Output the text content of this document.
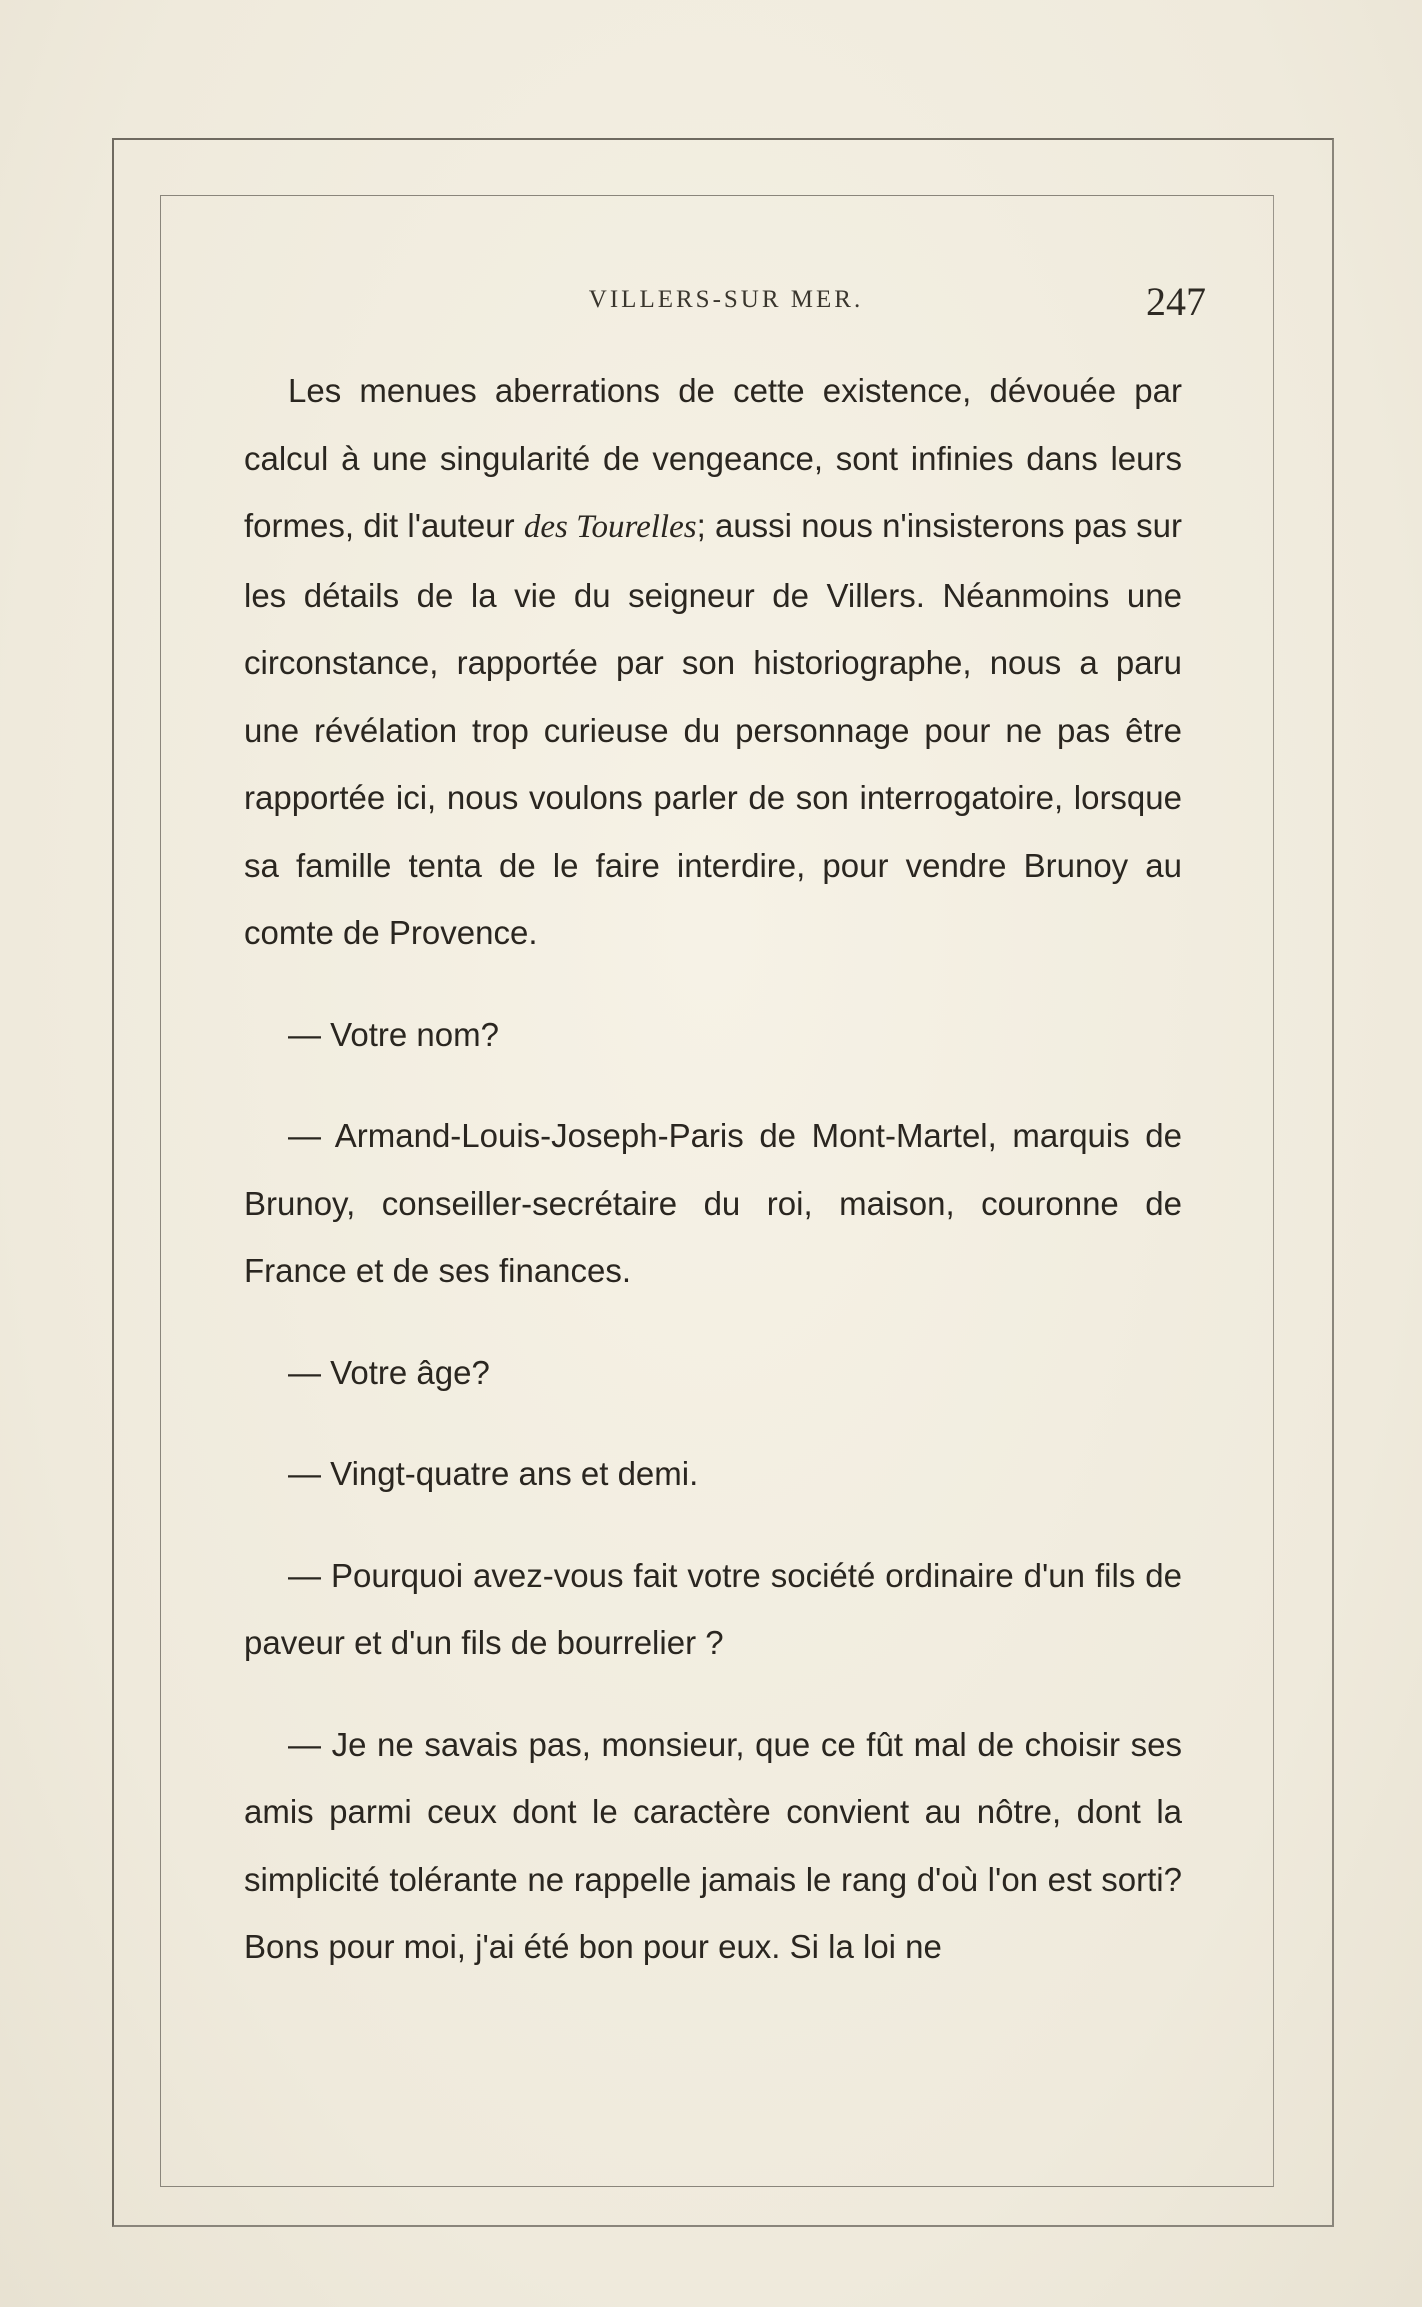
VILLERS-SUR MER.	247

Les menues aberrations de cette existence, dévouée par calcul à une singularité de vengeance, sont infinies dans leurs formes, dit l'auteur des Tourelles; aussi nous n'insisterons pas sur les détails de la vie du seigneur de Villers. Néanmoins une circonstance, rapportée par son historiographe, nous a paru une révélation trop curieuse du personnage pour ne pas être rapportée ici, nous voulons parler de son interrogatoire, lorsque sa famille tenta de le faire interdire, pour vendre Brunoy au comte de Provence.

— Votre nom?

— Armand-Louis-Joseph-Paris de Mont-Martel, marquis de Brunoy, conseiller-secrétaire du roi, maison, couronne de France et de ses finances.

— Votre âge?

— Vingt-quatre ans et demi.

— Pourquoi avez-vous fait votre société ordinaire d'un fils de paveur et d'un fils de bourrelier ?

— Je ne savais pas, monsieur, que ce fût mal de choisir ses amis parmi ceux dont le caractère convient au nôtre, dont la simplicité tolérante ne rappelle jamais le rang d'où l'on est sorti? Bons pour moi, j'ai été bon pour eux. Si la loi ne
